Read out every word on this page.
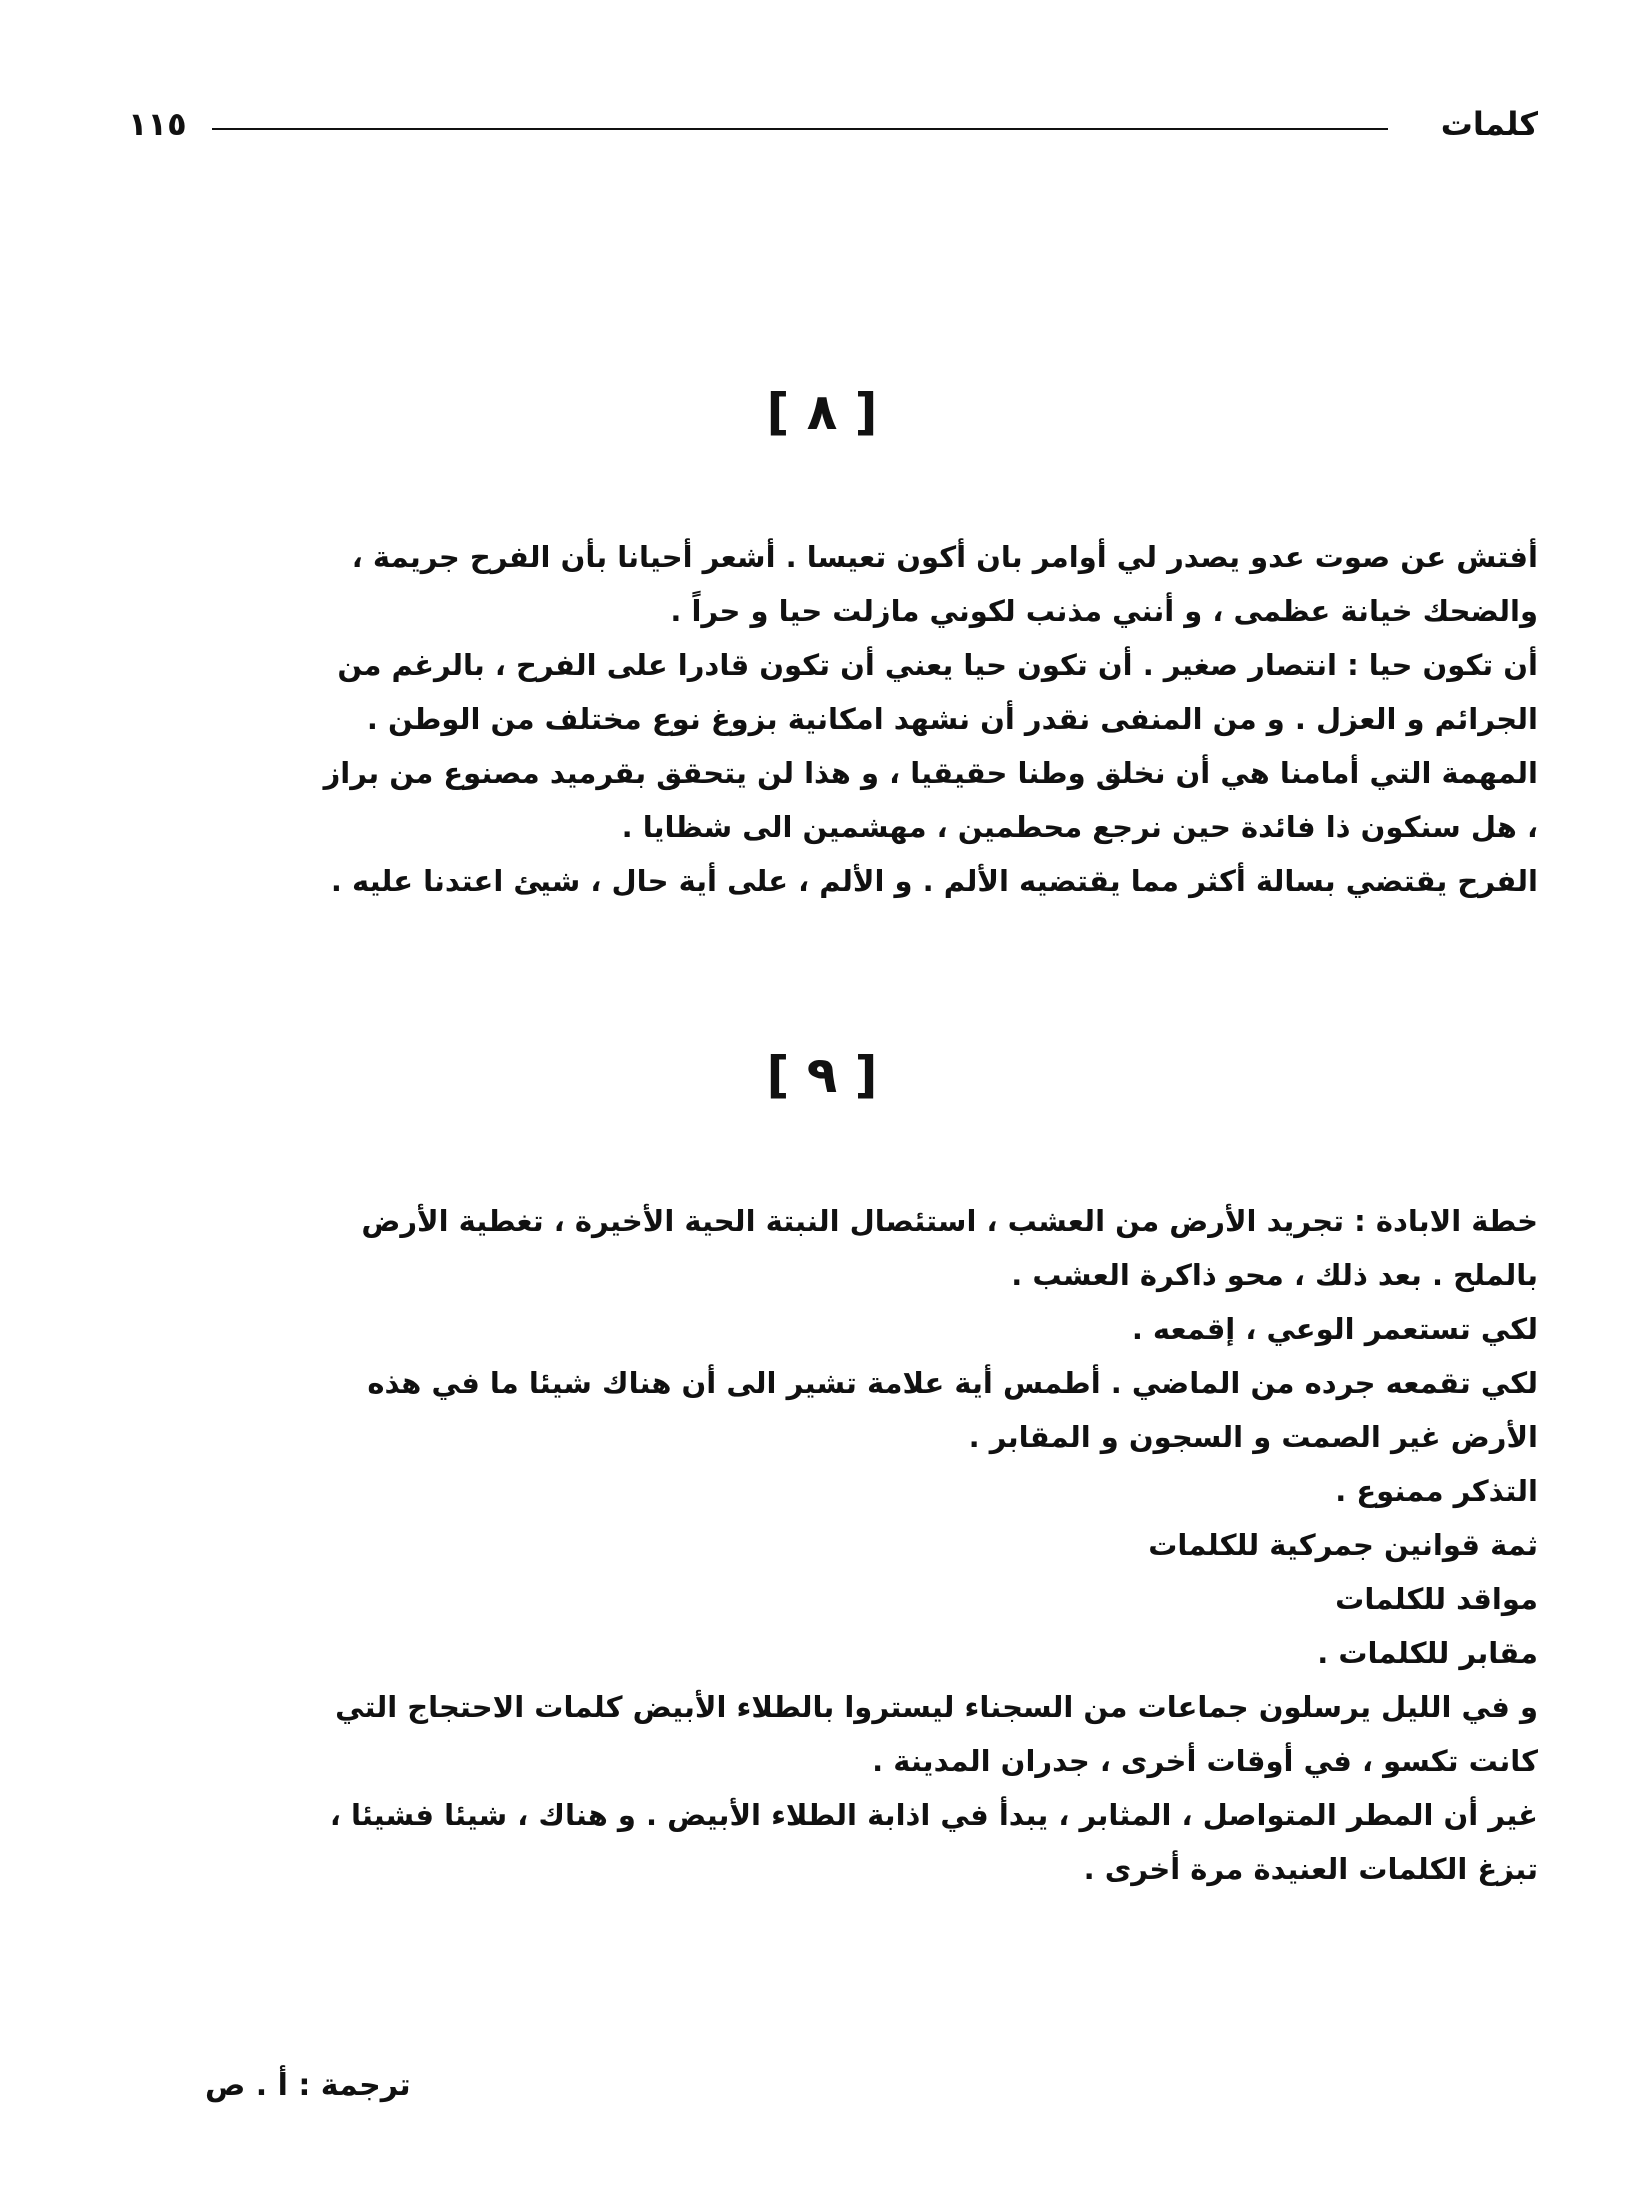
كلمات
١١٥
[ ٨ ]
أفتش عن صوت عدو يصدر لي أوامر بان أكون تعيسا . أشعر أحيانا بأن الفرح جريمة ،
والضحك خيانة عظمى ، و أنني مذنب لكوني مازلت حيا و حراً .
أن تكون حيا : انتصار صغير . أن تكون حيا يعني أن تكون قادرا على الفرح ، بالرغم من
الجرائم و العزل . و من المنفى نقدر أن نشهد امكانية بزوغ نوع مختلف من الوطن .
المهمة التي أمامنا هي أن نخلق وطنا حقيقيا ، و هذا لن يتحقق بقرميد مصنوع من براز
، هل سنكون ذا فائدة حين نرجع محطمين ، مهشمين الى شظايا .
الفرح يقتضي بسالة أكثر مما يقتضيه الألم . و الألم ، على أية حال ، شيئ اعتدنا عليه .
[ ٩ ]
خطة الابادة : تجريد الأرض من العشب ، استئصال النبتة الحية الأخيرة ، تغطية الأرض
بالملح . بعد ذلك ، محو ذاكرة العشب .
لكي تستعمر الوعي ، إقمعه .
لكي تقمعه جرده من الماضي . أطمس أية علامة تشير الى أن هناك شيئا ما في هذه
الأرض غير الصمت و السجون و المقابر .
التذكر ممنوع .
ثمة قوانين جمركية للكلمات
مواقد للكلمات
مقابر للكلمات .
و في الليل يرسلون جماعات من السجناء ليستروا بالطلاء الأبيض كلمات الاحتجاج التي
كانت تكسو ، في أوقات أخرى ، جدران المدينة .
غير أن المطر المتواصل ، المثابر ، يبدأ في اذابة الطلاء الأبيض . و هناك ، شيئا فشيئا ،
تبزغ الكلمات العنيدة مرة أخرى .
ترجمة : أ . ص
